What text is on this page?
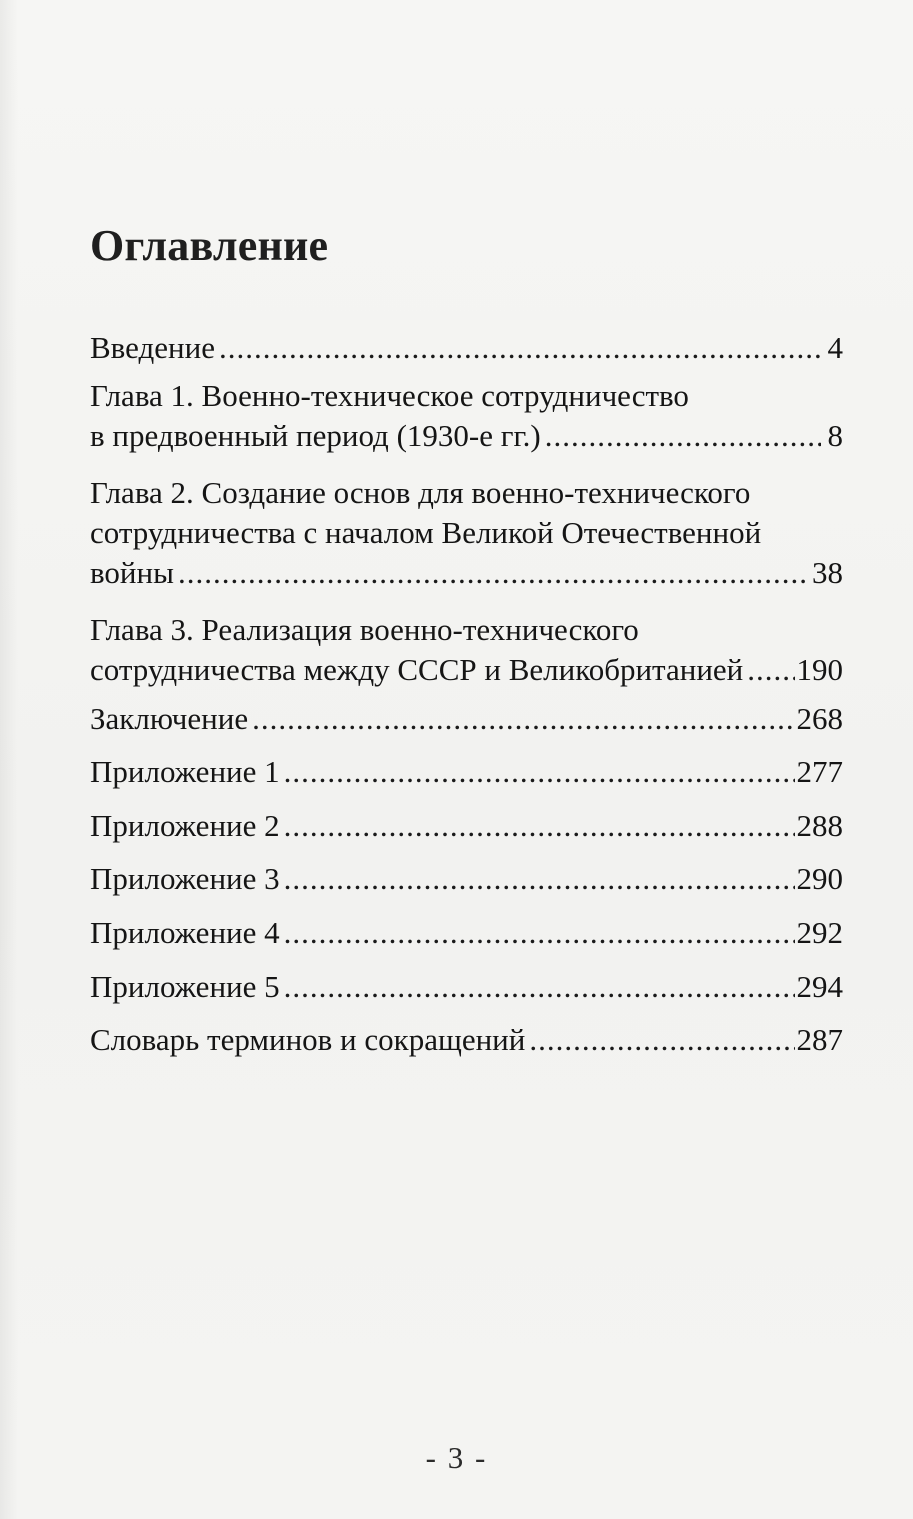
Оглавление
Введение .....	4
Глава 1. Военно-техническое сотрудничество
в предвоенный период (1930-е гг.) .....	8
Глава 2. Создание основ для военно-технического
сотрудничества с началом Великой Отечественной
войны .....	38
Глава 3. Реализация военно-технического
сотрудничества между СССР и Великобританией ..... 190
Заключение .....	268
Приложение 1 .....	277
Приложение 2 .....	288
Приложение 3 .....	290
Приложение 4 .....	292
Приложение 5 .....	294
Словарь терминов и сокращений .....	287
- 3 -
